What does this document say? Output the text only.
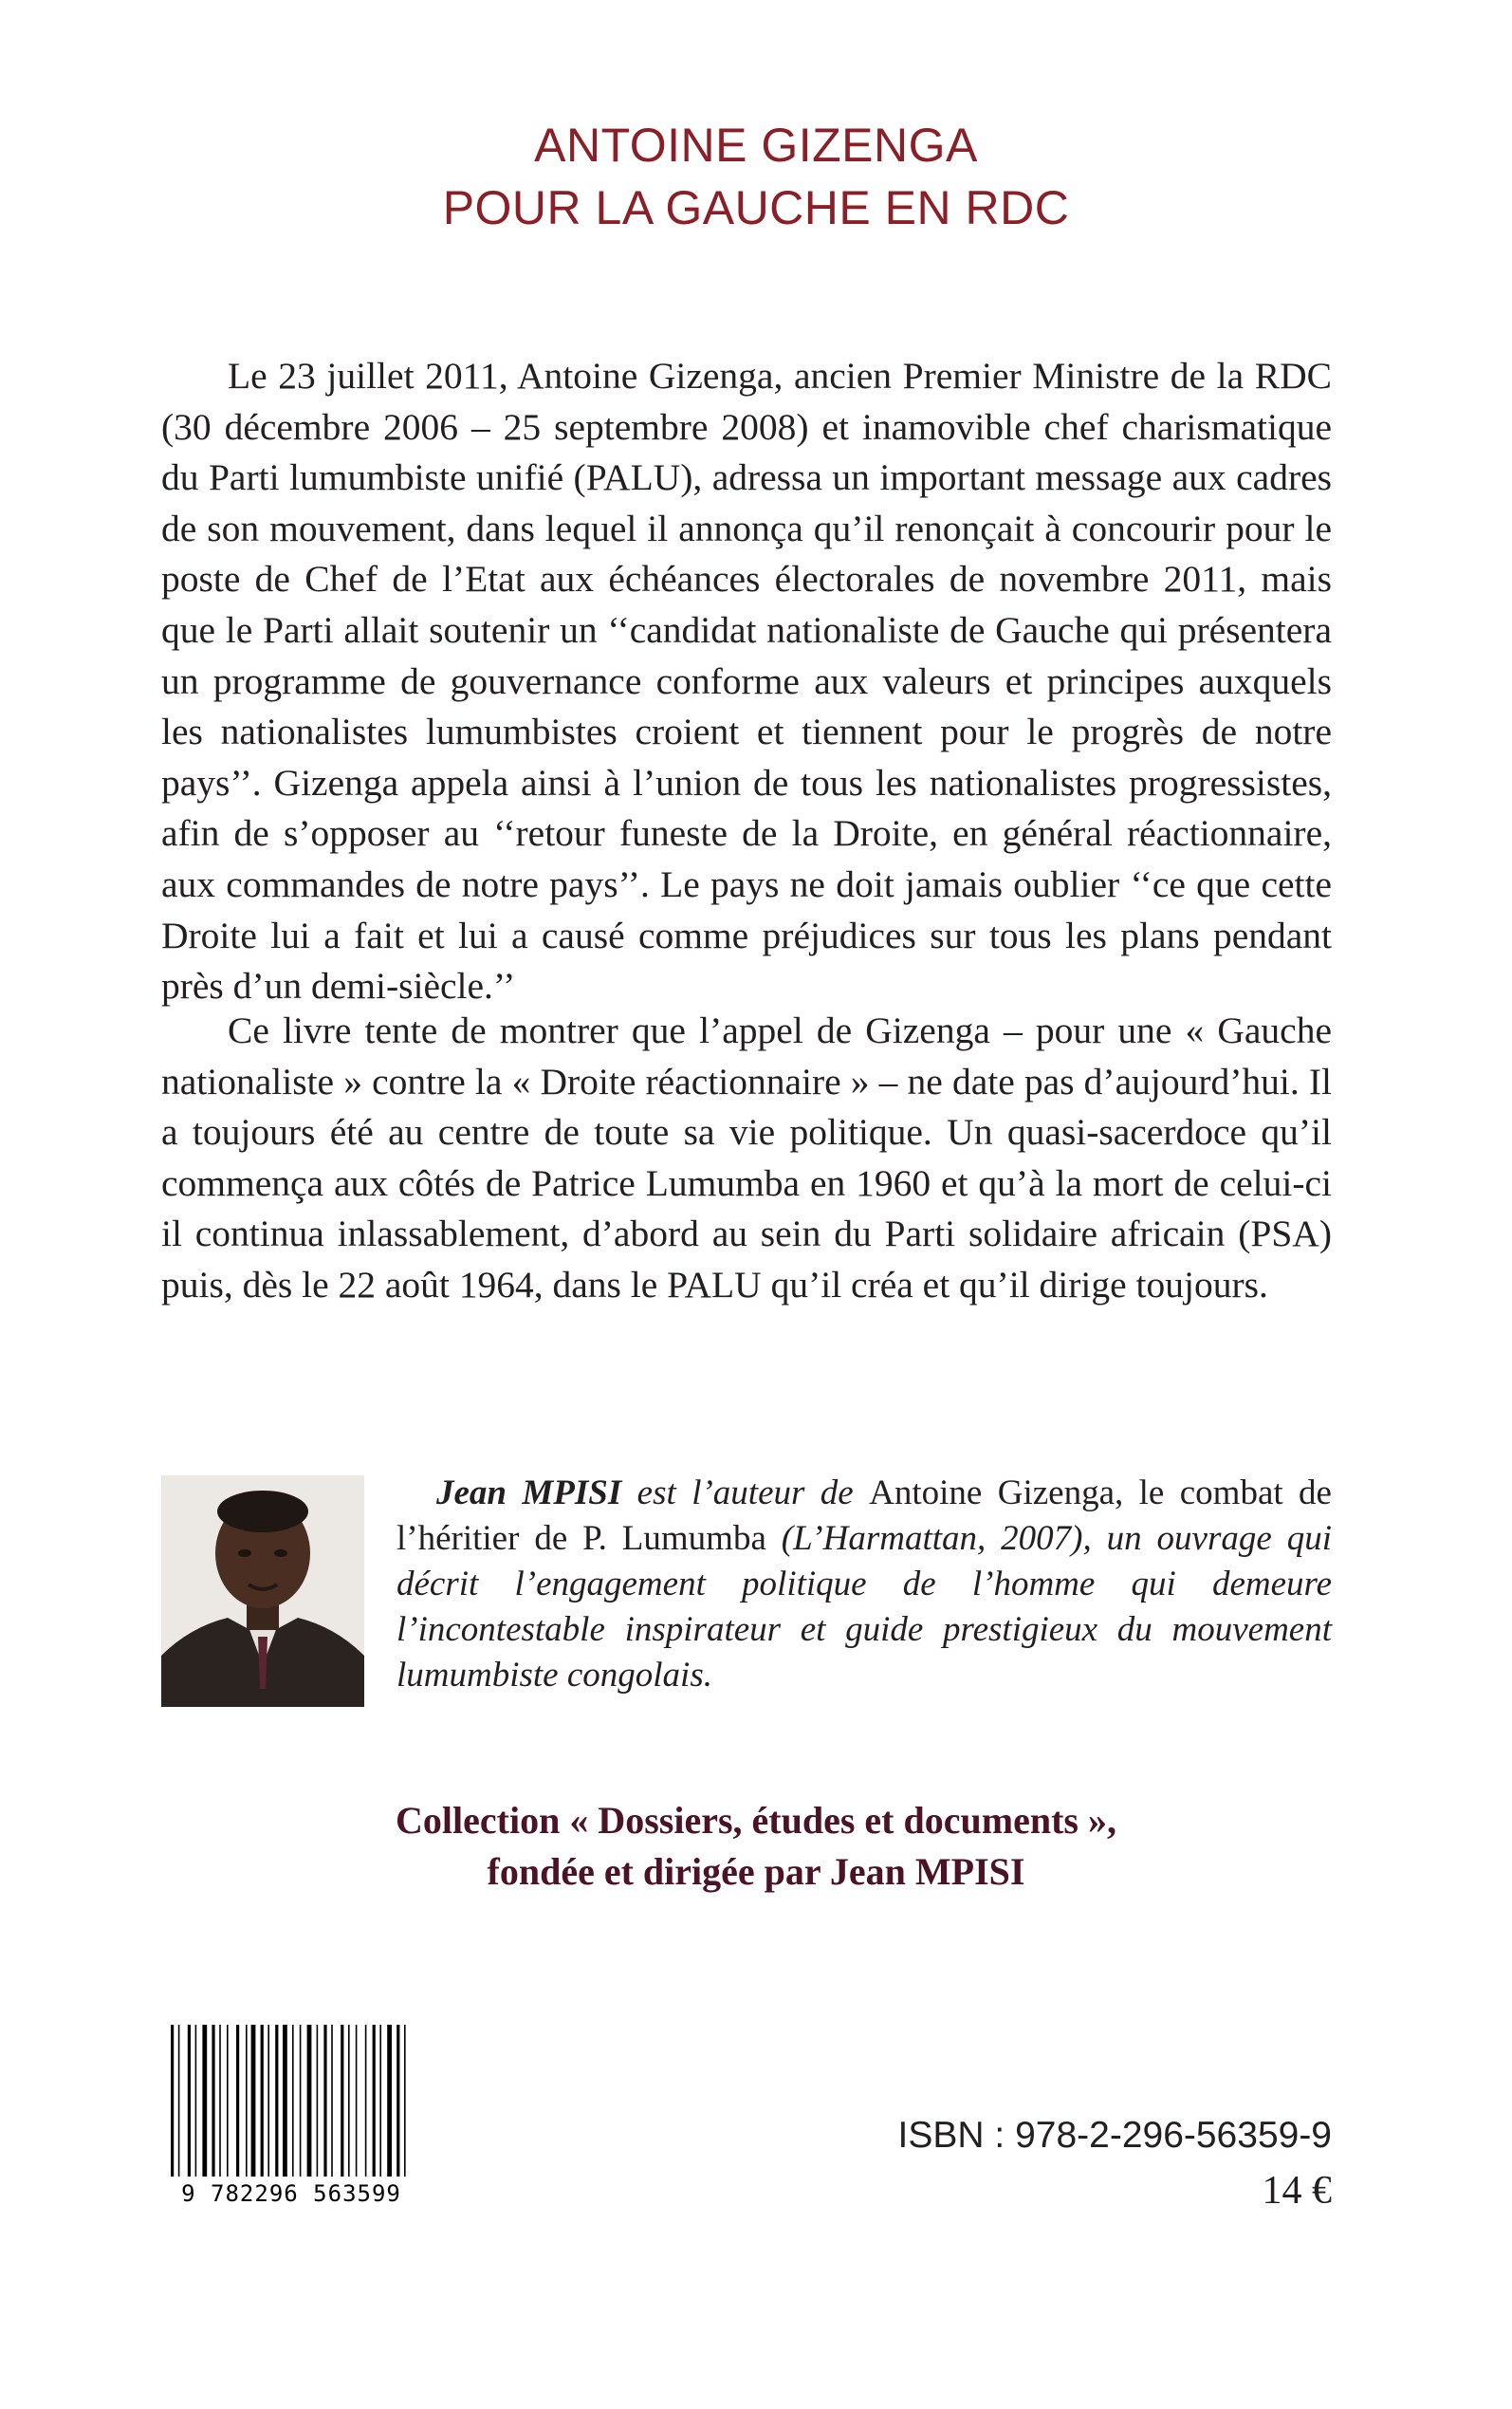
ANTOINE GIZENGA
POUR LA GAUCHE EN RDC

Le 23 juillet 2011, Antoine Gizenga, ancien Premier Ministre de la RDC (30 décembre 2006 – 25 septembre 2008) et inamovible chef charismatique du Parti lumumbiste unifié (PALU), adressa un important message aux cadres de son mouvement, dans lequel il annonça qu’il renonçait à concourir pour le poste de Chef de l’Etat aux échéances électorales de novembre 2011, mais que le Parti allait soutenir un ‘‘candidat nationaliste de Gauche qui présentera un programme de gouvernance conforme aux valeurs et principes auxquels les nationalistes lumumbistes croient et tiennent pour le progrès de notre pays’’. Gizenga appela ainsi à l’union de tous les nationalistes progressistes, afin de s’opposer au ‘‘retour funeste de la Droite, en général réactionnaire, aux commandes de notre pays’’. Le pays ne doit jamais oublier ‘‘ce que cette Droite lui a fait et lui a causé comme préjudices sur tous les plans pendant près d’un demi-siècle.’’

Ce livre tente de montrer que l’appel de Gizenga – pour une « Gauche nationaliste » contre la « Droite réactionnaire » – ne date pas d’aujourd’hui. Il a toujours été au centre de toute sa vie politique. Un quasi-sacerdoce qu’il commença aux côtés de Patrice Lumumba en 1960 et qu’à la mort de celui-ci il continua inlassablement, d’abord au sein du Parti solidaire africain (PSA) puis, dès le 22 août 1964, dans le PALU qu’il créa et qu’il dirige toujours.

Jean MPISI est l’auteur de Antoine Gizenga, le combat de l’héritier de P. Lumumba (L’Harmattan, 2007), un ouvrage qui décrit l’engagement politique de l’homme qui demeure l’incontestable inspirateur et guide prestigieux du mouvement lumumbiste congolais.

Collection « Dossiers, études et documents »,
fondée et dirigée par Jean MPISI
9 782296 563599
ISBN : 978-2-296-56359-9
14 €
